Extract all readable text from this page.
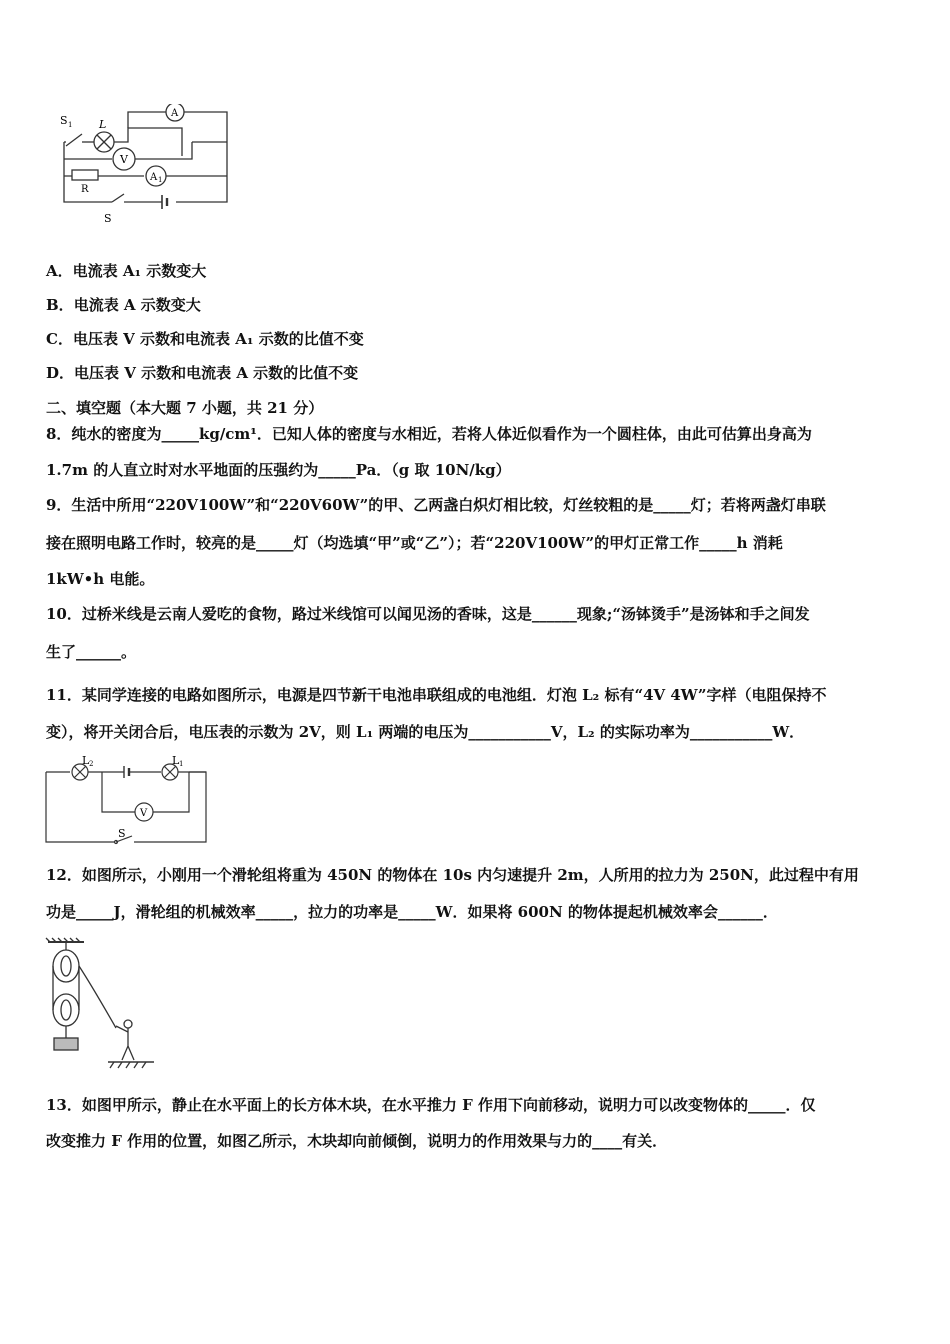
S 1 L
A
V
A 1
R
S
A．电流表 A₁ 示数变大
B．电流表 A 示数变大
C．电压表 V 示数和电流表 A₁ 示数的比值不变
D．电压表 V 示数和电流表 A 示数的比值不变
二、填空题（本大题 7 小题，共 21 分）
8．纯水的密度为_____kg/cm¹．已知人体的密度与水相近，若将人体近似看作为一个圆柱体，由此可估算出身高为
1.7m 的人直立时对水平地面的压强约为_____Pa．（g 取 10N/kg）
9．生活中所用“220V100W”和“220V60W”的甲、乙两盏白炽灯相比较，灯丝较粗的是_____灯；若将两盏灯串联
接在照明电路工作时，较亮的是_____灯（均选填“甲”或“乙”）；若“220V100W”的甲灯正常工作_____h 消耗
1kW•h 电能。
10．过桥米线是云南人爱吃的食物，路过米线馆可以闻见汤的香味，这是______现象;“汤钵烫手”是汤钵和手之间发
生了______。
11．某同学连接的电路如图所示，电源是四节新干电池串联组成的电池组．灯泡 L₂ 标有“4V 4W”字样（电阻保持不
变），将开关闭合后，电压表的示数为 2V，则 L₁ 两端的电压为___________V，L₂ 的实际功率为___________W．
L 2	L 1
V
S
12．如图所示，小刚用一个滑轮组将重为 450N 的物体在 10s 内匀速提升 2m，人所用的拉力为 250N，此过程中有用
功是_____J，滑轮组的机械效率_____，拉力的功率是_____W．如果将 600N 的物体提起机械效率会______．
13．如图甲所示，静止在水平面上的长方体木块，在水平推力 F 作用下向前移动，说明力可以改变物体的_____．仅
改变推力 F 作用的位置，如图乙所示，木块却向前倾倒，说明力的作用效果与力的____有关．
